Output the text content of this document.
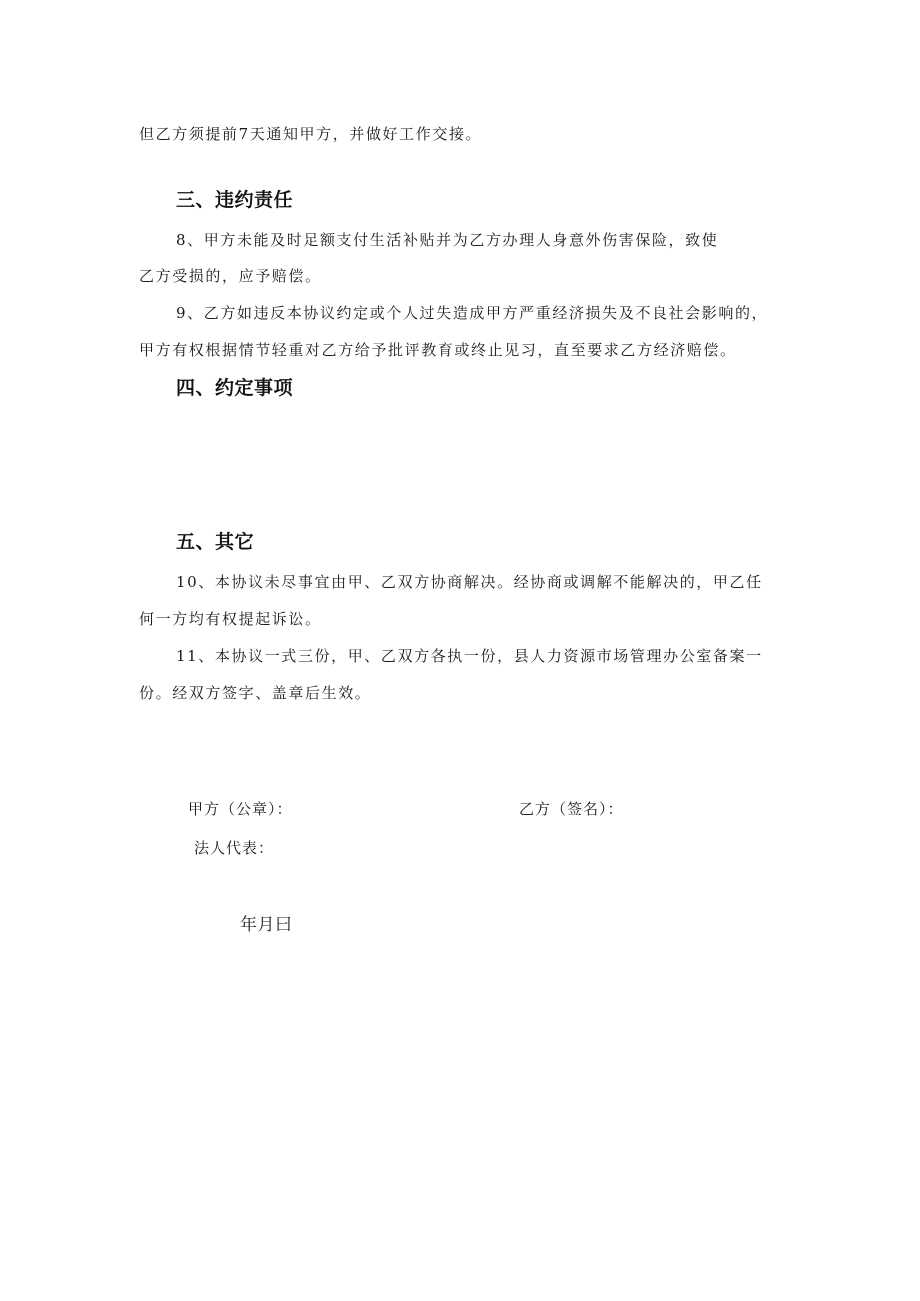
但乙方须提前7天通知甲方，并做好工作交接。
三、违约责任
8、甲方未能及时足额支付生活补贴并为乙方办理人身意外伤害保险，致使
乙方受损的，应予赔偿。
9、乙方如违反本协议约定或个人过失造成甲方严重经济损失及不良社会影响的，
甲方有权根据情节轻重对乙方给予批评教育或终止见习，直至要求乙方经济赔偿。
四、约定事项
五、其它
10、本协议未尽事宜由甲、乙双方协商解决。经协商或调解不能解决的，甲乙任
何一方均有权提起诉讼。
11、本协议一式三份，甲、乙双方各执一份，县人力资源市场管理办公室备案一
份。经双方签字、盖章后生效。
甲方（公章）：	乙方（签名）：
法人代表：
年月曰
